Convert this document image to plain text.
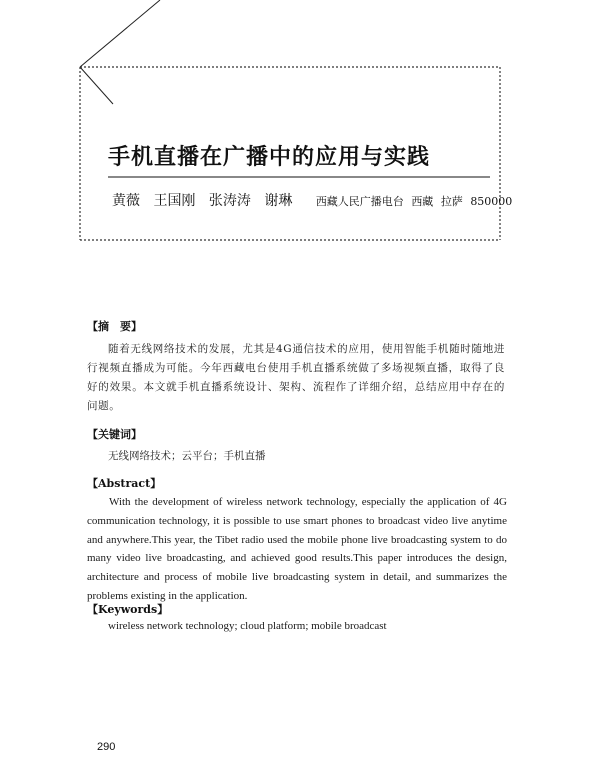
手机直播在广播中的应用与实践
黄薇 王国刚 张涛涛 谢琳 西藏人民广播电台 西藏 拉萨 850000
【摘　要】
随着无线网络技术的发展，尤其是4G通信技术的应用，使用智能手机随时随地进行视频直播成为可能。今年西藏电台使用手机直播系统做了多场视频直播，取得了良好的效果。本文就手机直播系统设计、架构、流程作了详细介绍，总结应用中存在的问题。
【关键词】
无线网络技术；云平台；手机直播
【Abstract】
With the development of wireless network technology, especially the application of 4G communication technology, it is possible to use smart phones to broadcast video live anytime and anywhere.This year, the Tibet radio used the mobile phone live broadcasting system to do many video live broadcasting, and achieved good results.This paper introduces the design, architecture and process of mobile live broadcasting system in detail, and summarizes the problems existing in the application.
【Keywords】
wireless network technology; cloud platform; mobile broadcast
290
